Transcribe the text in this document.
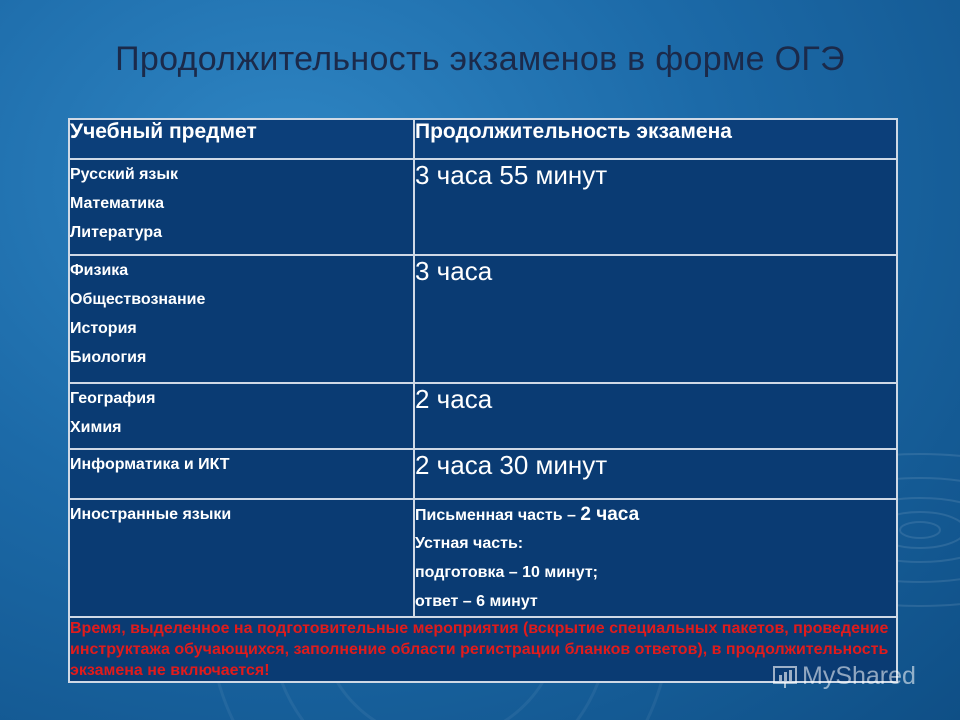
Продолжительность экзаменов в форме ОГЭ
Учебный предмет	Продолжительность экзамена

Русский язык
Математика
Литература	3 часа 55 минут

Физика
Обществознание
История
Биология	3 часа

География
Химия	2 часа

Информатика и ИКТ	2 часа 30 минут

Иностранные языки	Письменная часть – 2 часа
Устная часть:
подготовка – 10 минут;
ответ – 6 минут

Время, выделенное на подготовительные мероприятия (вскрытие специальных пакетов, проведение инструктажа обучающихся, заполнение области регистрации бланков ответов), в продолжительность экзамена не включается!		MyShared
